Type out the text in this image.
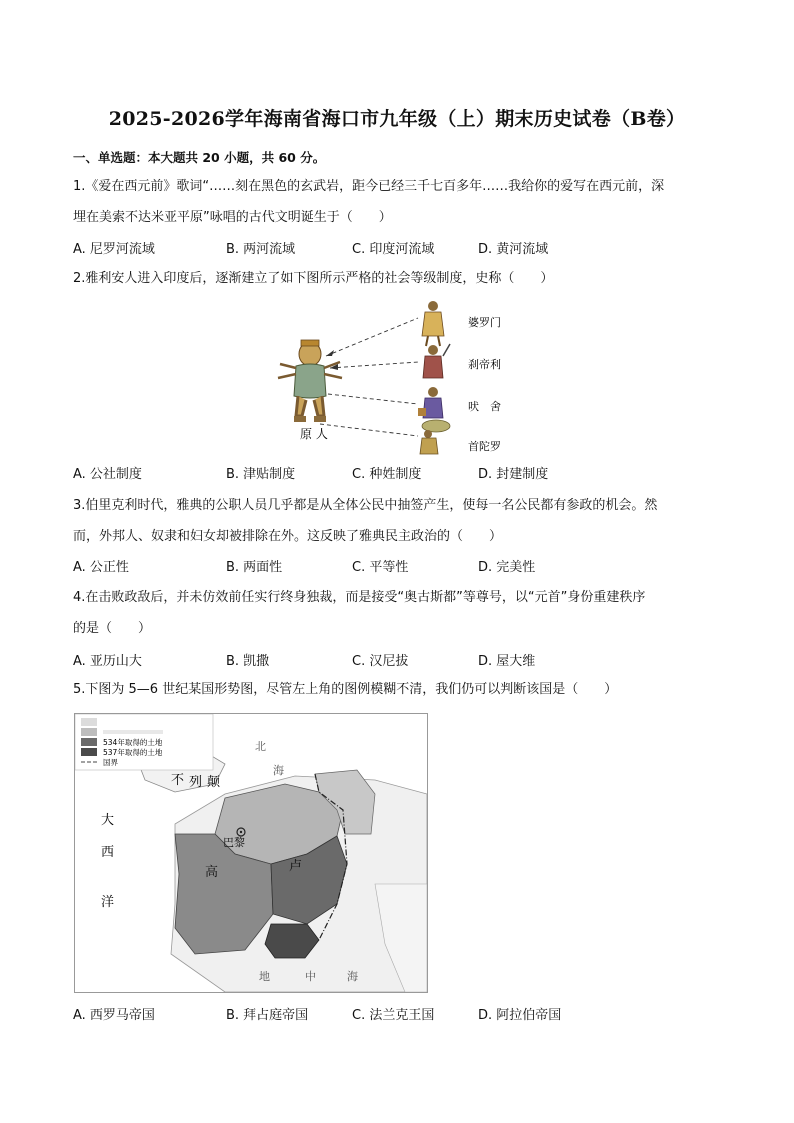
2025-2026学年海南省海口市九年级（上）期末历史试卷（B卷）
一、单选题：本大题共 20 小题，共 60 分。
1.《爱在西元前》歌词“……刻在黑色的玄武岩，距今已经三千七百多年……我给你的爱写在西元前，深
埋在美索不达米亚平原”咏唱的古代文明诞生于（　　）
A. 尼罗河流域	B. 两河流域	C. 印度河流域	D. 黄河流域
2.雅利安人进入印度后，逐渐建立了如下图所示严格的社会等级制度，史称（　　）
原 人
婆罗门
刹帝利
吠　舍
首陀罗
A. 公社制度	B. 津贴制度	C. 种姓制度	D. 封建制度
3.伯里克利时代，雅典的公职人员几乎都是从全体公民中抽签产生，使每一名公民都有参政的机会。然
而，外邦人、奴隶和妇女却被排除在外。这反映了雅典民主政治的（　　）
A. 公正性	B. 两面性	C. 平等性	D. 完美性
4.在击败政敌后，并未仿效前任实行终身独裁，而是接受“奥古斯都”等尊号，以“元首”身份重建秩序
的是（　　）
A. 亚历山大	B. 凯撒	C. 汉尼拔	D. 屋大维
5.下图为 5—6 世纪某国形势图，尽管左上角的图例模糊不清，我们仍可以判断该国是（　　）
534年取得的土地
537年取得的土地
国界
北
海
不 列 颠
大
西
洋
巴黎
高	卢
地	中	海
A. 西罗马帝国	B. 拜占庭帝国	C. 法兰克王国	D. 阿拉伯帝国
